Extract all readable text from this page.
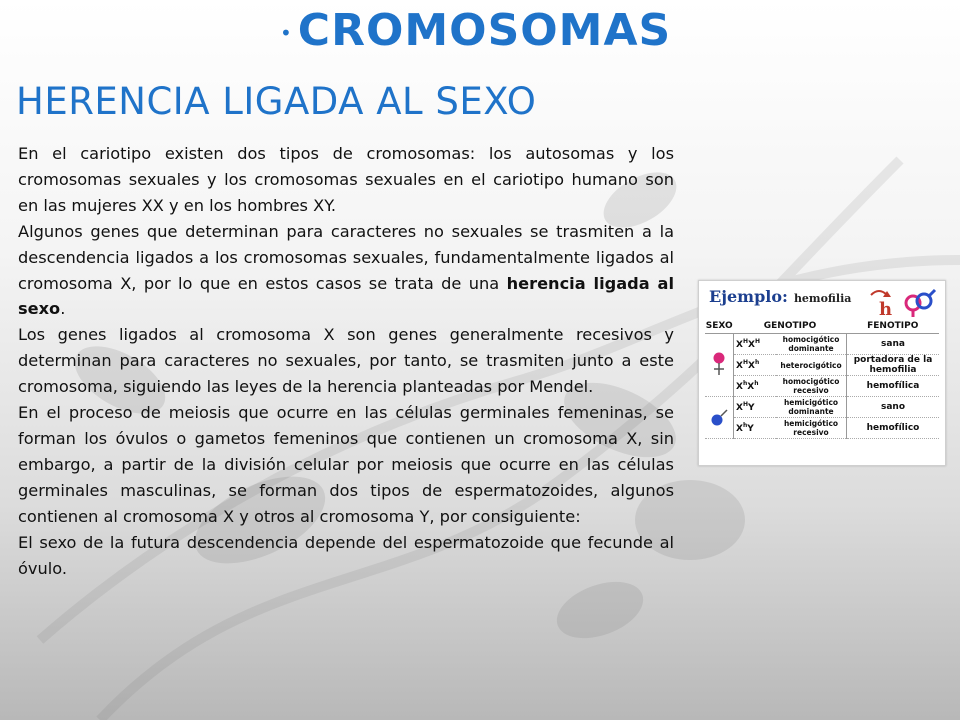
• CROMOSOMAS
HERENCIA LIGADA AL SEXO

En el cariotipo existen dos tipos de cromosomas: los autosomas y los cromosomas sexuales y los cromosomas sexuales en el cariotipo humano son en las mujeres XX y en los hombres XY.

Algunos genes que determinan para caracteres no sexuales se trasmiten a la descendencia ligados a los cromosomas sexuales, fundamentalmente ligados al cromosoma X, por lo que en estos casos se trata de una herencia ligada al sexo.

Los genes ligados al cromosoma X son genes generalmente recesivos y determinan para caracteres no sexuales, por tanto, se trasmiten junto a este cromosoma, siguiendo las leyes de la herencia planteadas por Mendel.

En el proceso de meiosis que ocurre en las células germinales femeninas, se forman los óvulos o gametos femeninos que contienen un cromosoma X, sin embargo, a partir de la división celular por meiosis que ocurre en las células germinales masculinas, se forman dos tipos de espermatozoides, algunos contienen al cromosoma X y otros al cromosoma Y, por consiguiente:

El sexo de la futura descendencia depende del espermatozoide que fecunde al óvulo.

Ejemplo: hemofilia
h
SEXO	GENOTIPO		FENOTIPO
	$X^HX^H$	homocigótico dominante	sana
	$X^HX^h$	heterocigótico	portadora de la hemofilia
	$X^hX^h$	homocigótico recesivo	hemofílica
	$X^HY$	hemicigótico dominante	sano
	$X^hY$	hemicigótico recesivo	hemofílico
